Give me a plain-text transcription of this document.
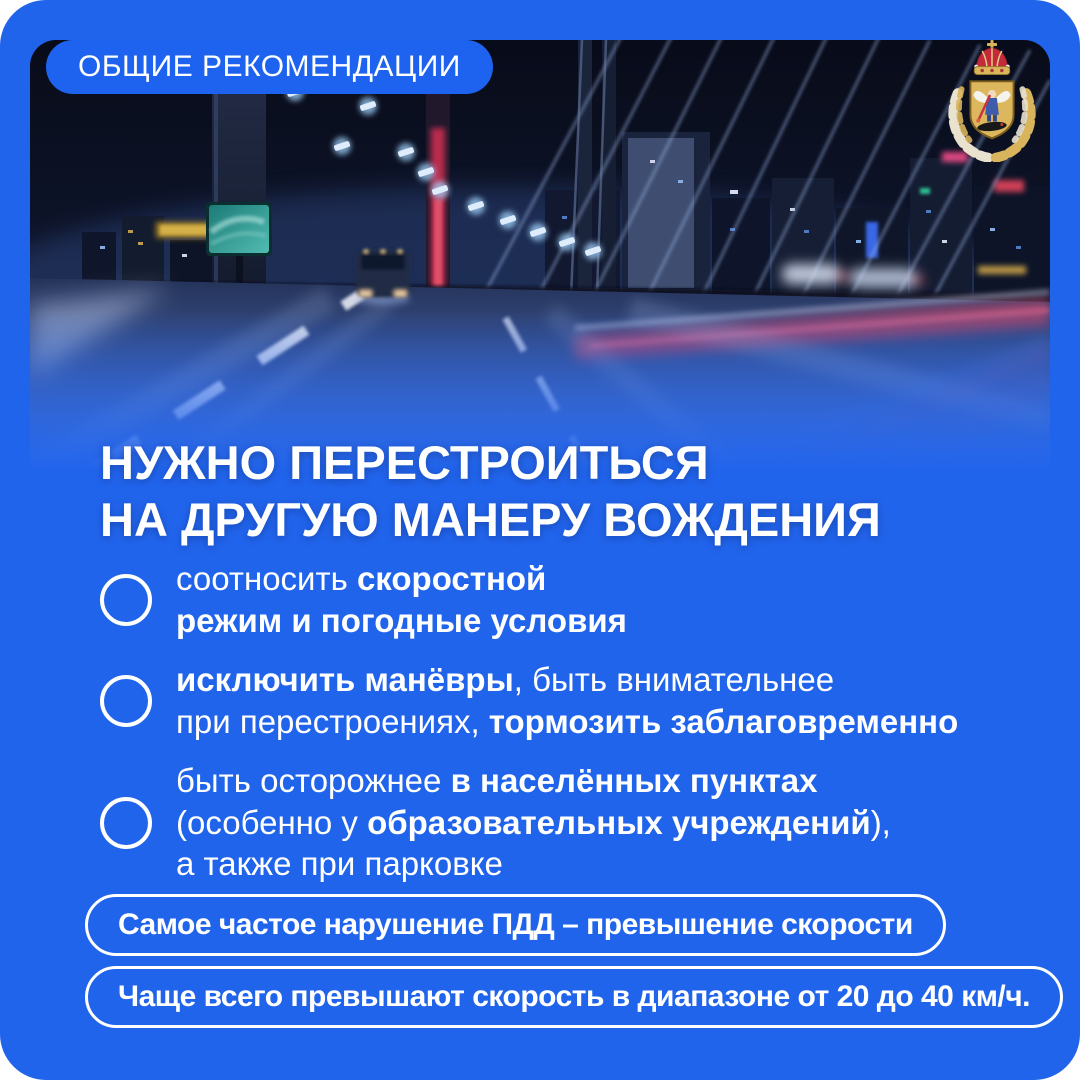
ОБЩИЕ РЕКОМЕНДАЦИИ
НУЖНО ПЕРЕСТРОИТЬСЯ
НА ДРУГУЮ МАНЕРУ ВОЖДЕНИЯ

соотносить скоростной
режим и погодные условия

исключить манёвры, быть внимательнее
при перестроениях, тормозить заблаговременно

быть осторожнее в населённых пунктах
(особенно у образовательных учреждений),
а также при парковке

Самое частое нарушение ПДД – превышение скорости
Чаще всего превышают скорость в диапазоне от 20 до 40 км/ч.
